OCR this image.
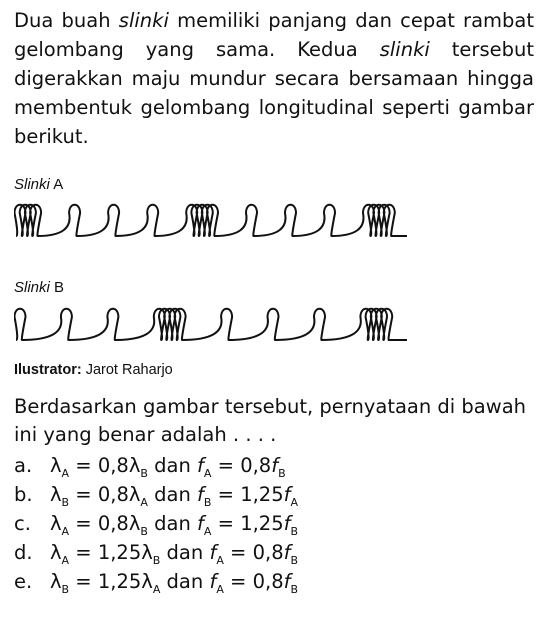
Dua buah slinki memiliki panjang dan cepat rambat gelombang yang sama. Kedua slinki tersebut digerakkan maju mundur secara bersamaan hingga membentuk gelombang longitudinal seperti gambar berikut.

Slinki A
Slinki B
Ilustrator: Jarot Raharjo

Berdasarkan gambar tersebut, pernyataan di bawah ini yang benar adalah . . . .

a. $\lambda_A = 0,8\lambda_B$ dan $f_A = 0,8f_B$
b. $\lambda_B = 0,8\lambda_A$ dan $f_B = 1,25f_A$
c. $\lambda_A = 0,8\lambda_B$ dan $f_A = 1,25f_B$
d. $\lambda_A = 1,25\lambda_B$ dan $f_A = 0,8f_B$
e. $\lambda_B = 1,25\lambda_A$ dan $f_A = 0,8f_B$
